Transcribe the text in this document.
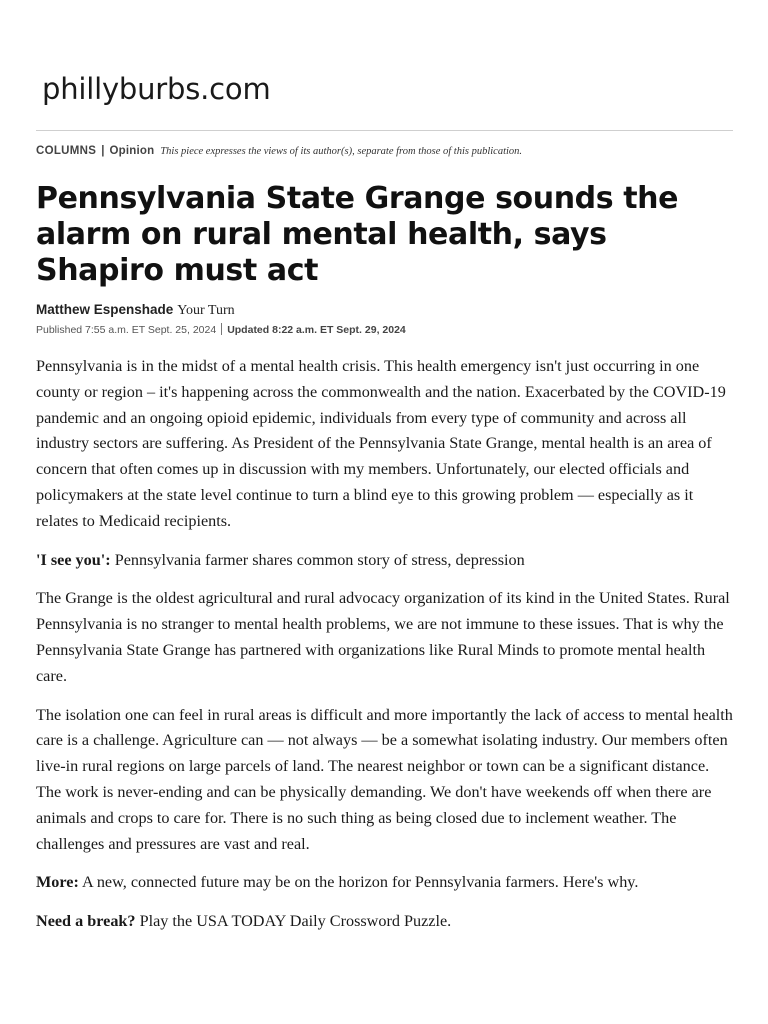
phillyburbs.com
COLUMNS | Opinion This piece expresses the views of its author(s), separate from those of this publication.
Pennsylvania State Grange sounds the alarm on rural mental health, says Shapiro must act
Matthew Espenshade Your Turn
Published 7:55 a.m. ET Sept. 25, 2024 Updated 8:22 a.m. ET Sept. 29, 2024

Pennsylvania is in the midst of a mental health crisis. This health emergency isn't just occurring in one county or region – it's happening across the commonwealth and the nation. Exacerbated by the COVID-19 pandemic and an ongoing opioid epidemic, individuals from every type of community and across all industry sectors are suffering. As President of the Pennsylvania State Grange, mental health is an area of concern that often comes up in discussion with my members. Unfortunately, our elected officials and policymakers at the state level continue to turn a blind eye to this growing problem — especially as it relates to Medicaid recipients.

'I see you': Pennsylvania farmer shares common story of stress, depression

The Grange is the oldest agricultural and rural advocacy organization of its kind in the United States. Rural Pennsylvania is no stranger to mental health problems, we are not immune to these issues. That is why the Pennsylvania State Grange has partnered with organizations like Rural Minds to promote mental health care.

The isolation one can feel in rural areas is difficult and more importantly the lack of access to mental health care is a challenge. Agriculture can — not always — be a somewhat isolating industry. Our members often live-in rural regions on large parcels of land. The nearest neighbor or town can be a significant distance. The work is never-ending and can be physically demanding. We don't have weekends off when there are animals and crops to care for. There is no such thing as being closed due to inclement weather. The challenges and pressures are vast and real.

More: A new, connected future may be on the horizon for Pennsylvania farmers. Here's why.

Need a break? Play the USA TODAY Daily Crossword Puzzle.
